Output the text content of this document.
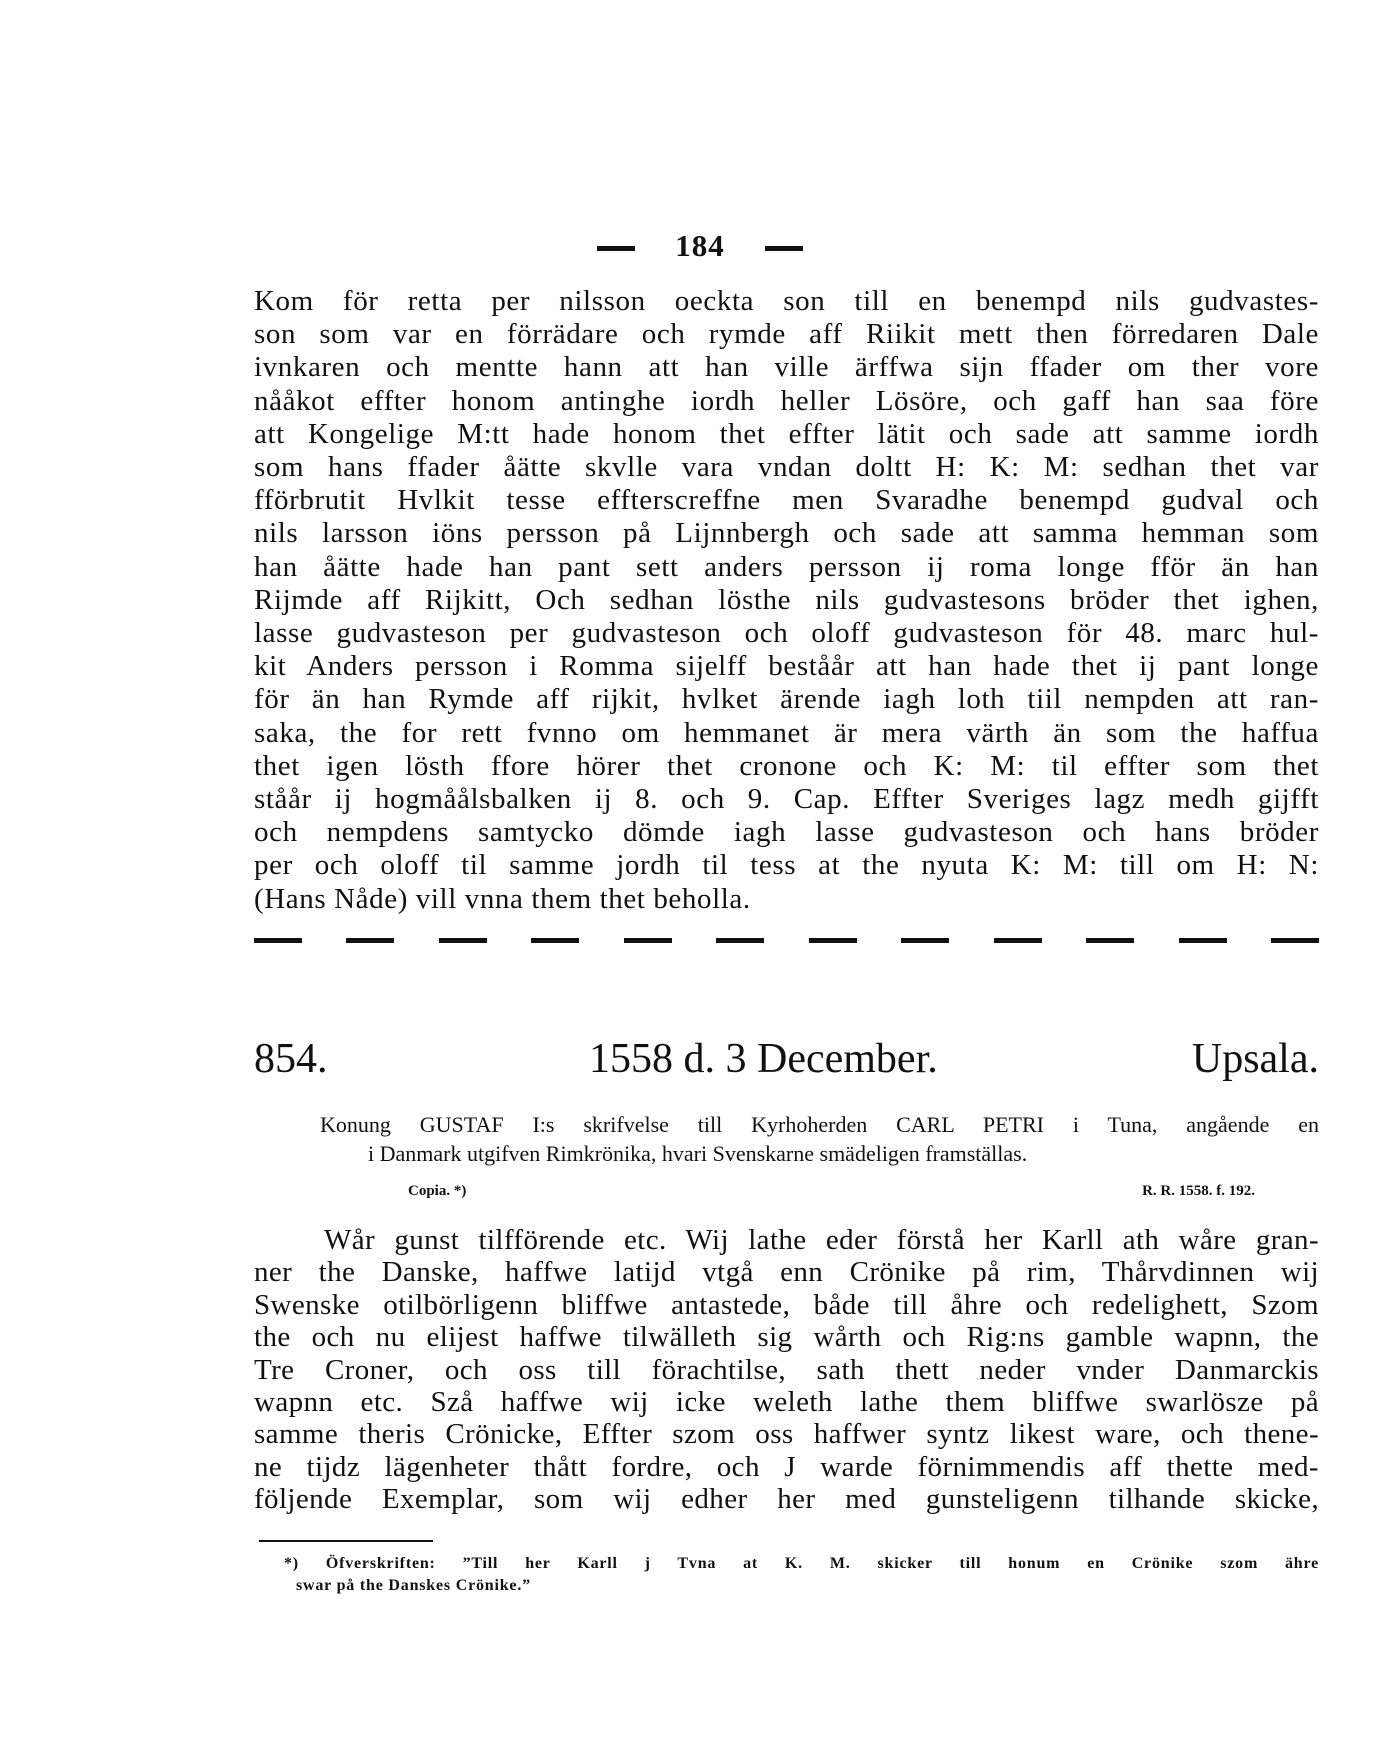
184
Kom för retta per nilsson oeckta son till en benempd nils gudvastes-
son som var en förrädare och rymde aff Riikit mett then förredaren Dale
ivnkaren och mentte hann att han ville ärffwa sijn ffader om ther vore
nååkot effter honom antinghe iordh heller Lösöre, och gaff han saa före
att Kongelige M:tt hade honom thet effter lätit och sade att samme iordh
som hans ffader åätte skvlle vara vndan doltt H: K: M: sedhan thet var
fförbrutit Hvlkit tesse effterscreffne men Svaradhe benempd gudval och
nils larsson iöns persson på Lijnnbergh och sade att samma hemman som
han åätte hade han pant sett anders persson ij roma longe fför än han
Rijmde aff Rijkitt, Och sedhan lösthe nils gudvastesons bröder thet ighen,
lasse gudvasteson per gudvasteson och oloff gudvasteson för 48. marc hul-
kit Anders persson i Romma sijelff beståår att han hade thet ij pant longe
för än han Rymde aff rijkit, hvlket ärende iagh loth tiil nempden att ran-
saka, the for rett fvnno om hemmanet är mera värth än som the haffua
thet igen lösth ffore hörer thet cronone och K: M: til effter som thet
ståår ij hogmåålsbalken ij 8. och 9. Cap. Effter Sveriges lagz medh gijfft
och nempdens samtycko dömde iagh lasse gudvasteson och hans bröder
per och oloff til samme jordh til tess at the nyuta K: M: till om H: N:
(Hans Nåde) vill vnna them thet beholla.
854.	1558 d. 3 December.	Upsala.
Konung GUSTAF I:s skrifvelse till Kyrhoherden CARL PETRI i Tuna, angående en
i Danmark utgifven Rimkrönika, hvari Svenskarne smädeligen framställas.
Copia. *)	R. R. 1558. f. 192.
Wår gunst tilfförende etc. Wij lathe eder förstå her Karll ath wåre gran-
ner the Danske, haffwe latijd vtgå enn Crönike på rim, Thårvdinnen wij
Swenske otilbörligenn bliffwe antastede, både till åhre och redelighett, Szom
the och nu elijest haffwe tilwälleth sig wårth och Rig:ns gamble wapnn, the
Tre Croner, och oss till förachtilse, sath thett neder vnder Danmarckis
wapnn etc. Szå haffwe wij icke weleth lathe them bliffwe swarlösze på
samme theris Crönicke, Effter szom oss haffwer syntz likest ware, och thene-
ne tijdz lägenheter thått fordre, och J warde förnimmendis aff thette med-
följende Exemplar, som wij edher her med gunsteligenn tilhande skicke,
*) Öfverskriften: ”Till her Karll j Tvna at K. M. skicker till honum en Crönike szom ähre
swar på the Danskes Crönike.”
